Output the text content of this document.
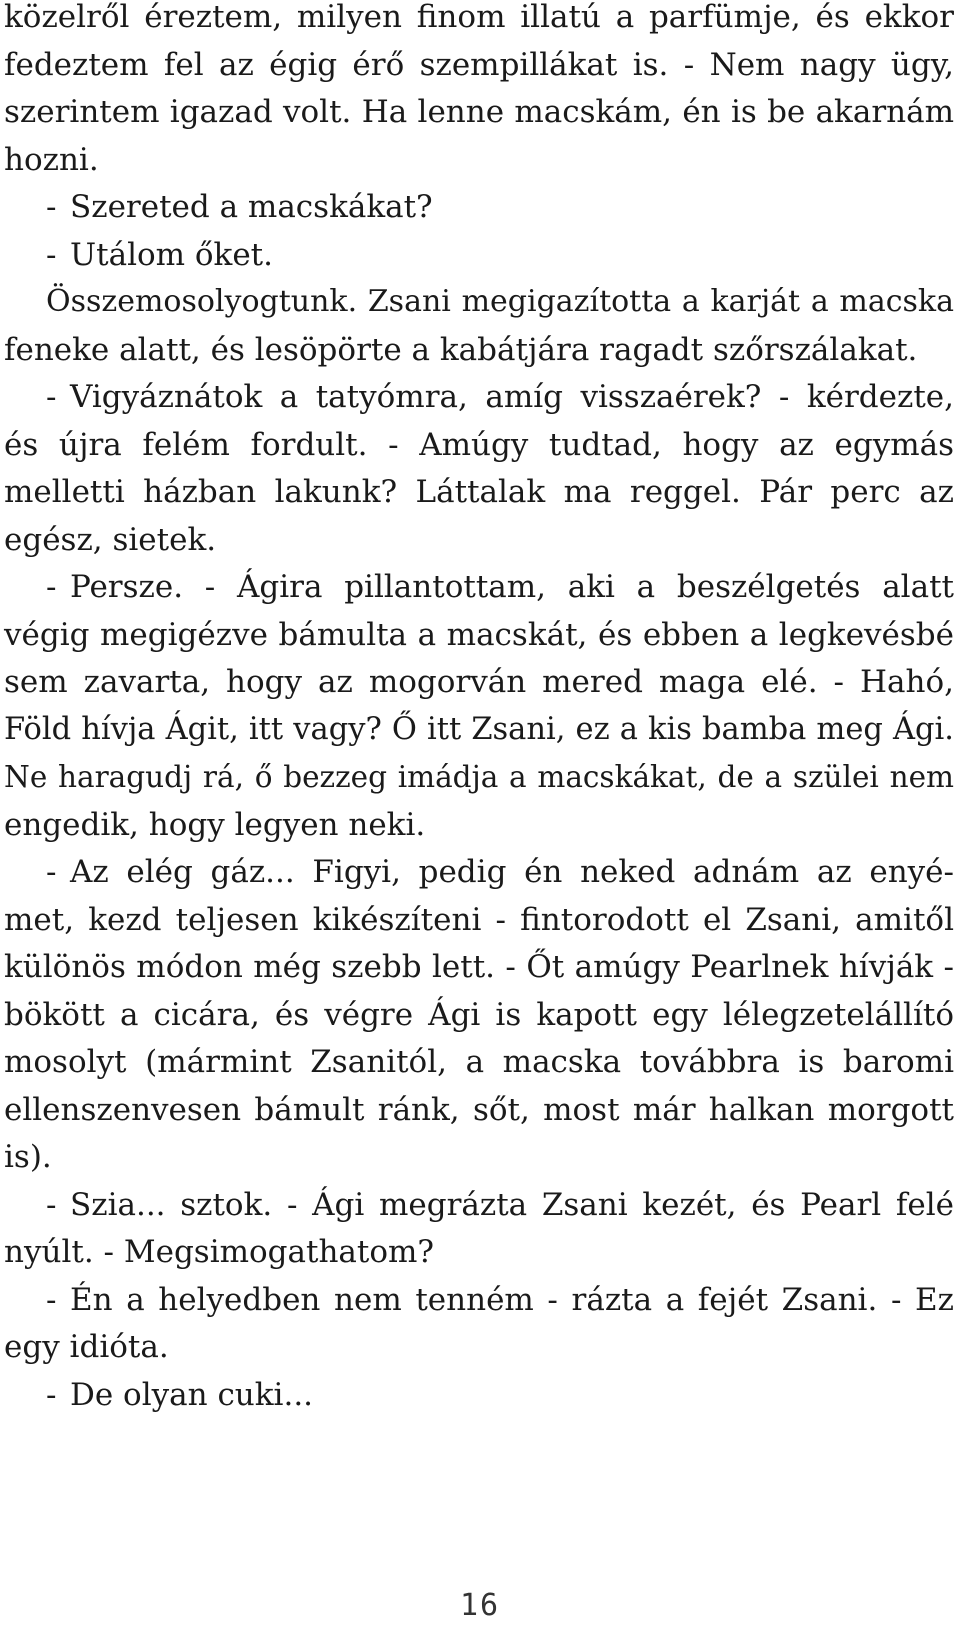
közelről éreztem, milyen finom illatú a parfümje, és ekkor
fedeztem fel az égig érő szempillákat is. - Nem nagy ügy,
szerintem igazad volt. Ha lenne macskám, én is be akarnám
hozni.
- Szereted a macskákat?
- Utálom őket.
Összemosolyogtunk. Zsani megigazította a karját a macska
feneke alatt, és lesöpörte a kabátjára ragadt szőrszálakat.
- Vigyáznátok a tatyómra, amíg visszaérek? - kérdezte,
és újra felém fordult. - Amúgy tudtad, hogy az egymás
melletti házban lakunk? Láttalak ma reggel. Pár perc az
egész, sietek.
- Persze. - Ágira pillantottam, aki a beszélgetés alatt
végig megigézve bámulta a macskát, és ebben a legkevésbé
sem zavarta, hogy az mogorván mered maga elé. - Hahó,
Föld hívja Ágit, itt vagy? Ő itt Zsani, ez a kis bamba meg Ági.
Ne haragudj rá, ő bezzeg imádja a macskákat, de a szülei nem
engedik, hogy legyen neki.
- Az elég gáz... Figyi, pedig én neked adnám az enyé-
met, kezd teljesen kikészíteni - fintorodott el Zsani, amitől
különös módon még szebb lett. - Őt amúgy Pearlnek hívják -
bökött a cicára, és végre Ági is kapott egy lélegzetelállító
mosolyt (mármint Zsanitól, a macska továbbra is baromi
ellenszenvesen bámult ránk, sőt, most már halkan morgott
is).
- Szia... sztok. - Ági megrázta Zsani kezét, és Pearl felé
nyúlt. - Megsimogathatom?
- Én a helyedben nem tenném - rázta a fejét Zsani. - Ez
egy idióta.
- De olyan cuki...
16
